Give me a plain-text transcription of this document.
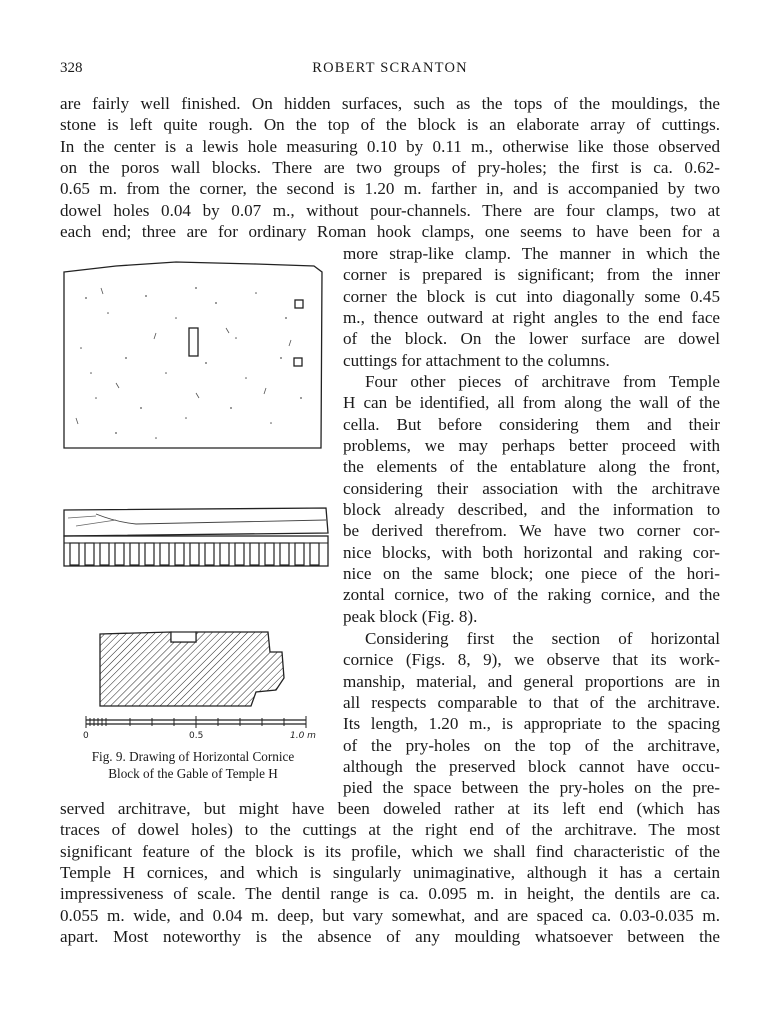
328	ROBERT SCRANTON
are fairly well finished. On hidden surfaces, such as the tops of the mouldings, the
stone is left quite rough. On the top of the block is an elaborate array of cuttings.
In the center is a lewis hole measuring 0.10 by 0.11 m., otherwise like those observed
on the poros wall blocks. There are two groups of pry-holes; the first is ca. 0.62-
0.65 m. from the corner, the second is 1.20 m. farther in, and is accompanied by two
dowel holes 0.04 by 0.07 m., without pour-channels. There are four clamps, two at
each end; three are for ordinary Roman hook clamps, one seems to have been for a
more strap-like clamp. The manner in which the
corner is prepared is significant; from the inner
corner the block is cut into diagonally some 0.45
m., thence outward at right angles to the end face
of the block. On the lower surface are dowel
cuttings for attachment to the columns.
Four other pieces of architrave from Temple
H can be identified, all from along the wall of the
cella. But before considering them and their
problems, we may perhaps better proceed with
the elements of the entablature along the front,
considering their association with the architrave
block already described, and the information to
be derived therefrom. We have two corner cor-
nice blocks, with both horizontal and raking cor-
nice on the same block; one piece of the hori-
zontal cornice, two of the raking cornice, and the
peak block (Fig. 8).
Considering first the section of horizontal
cornice (Figs. 8, 9), we observe that its work-
manship, material, and general proportions are in
all respects comparable to that of the architrave.
Its length, 1.20 m., is appropriate to the spacing
of the pry-holes on the top of the architrave,
although the preserved block cannot have occu-
pied the space between the pry-holes on the pre-
served architrave, but might have been doweled rather at its left end (which has
traces of dowel holes) to the cuttings at the right end of the architrave. The most
significant feature of the block is its profile, which we shall find characteristic of the
Temple H cornices, and which is singularly unimaginative, although it has a certain
impressiveness of scale. The dentil range is ca. 0.095 m. in height, the dentils are ca.
0.055 m. wide, and 0.04 m. deep, but vary somewhat, and are spaced ca. 0.03-0.035 m.
apart. Most noteworthy is the absence of any moulding whatsoever between the
0	0.5	1.0 m
Fig. 9. Drawing of Horizontal Cornice
Block of the Gable of Temple H
